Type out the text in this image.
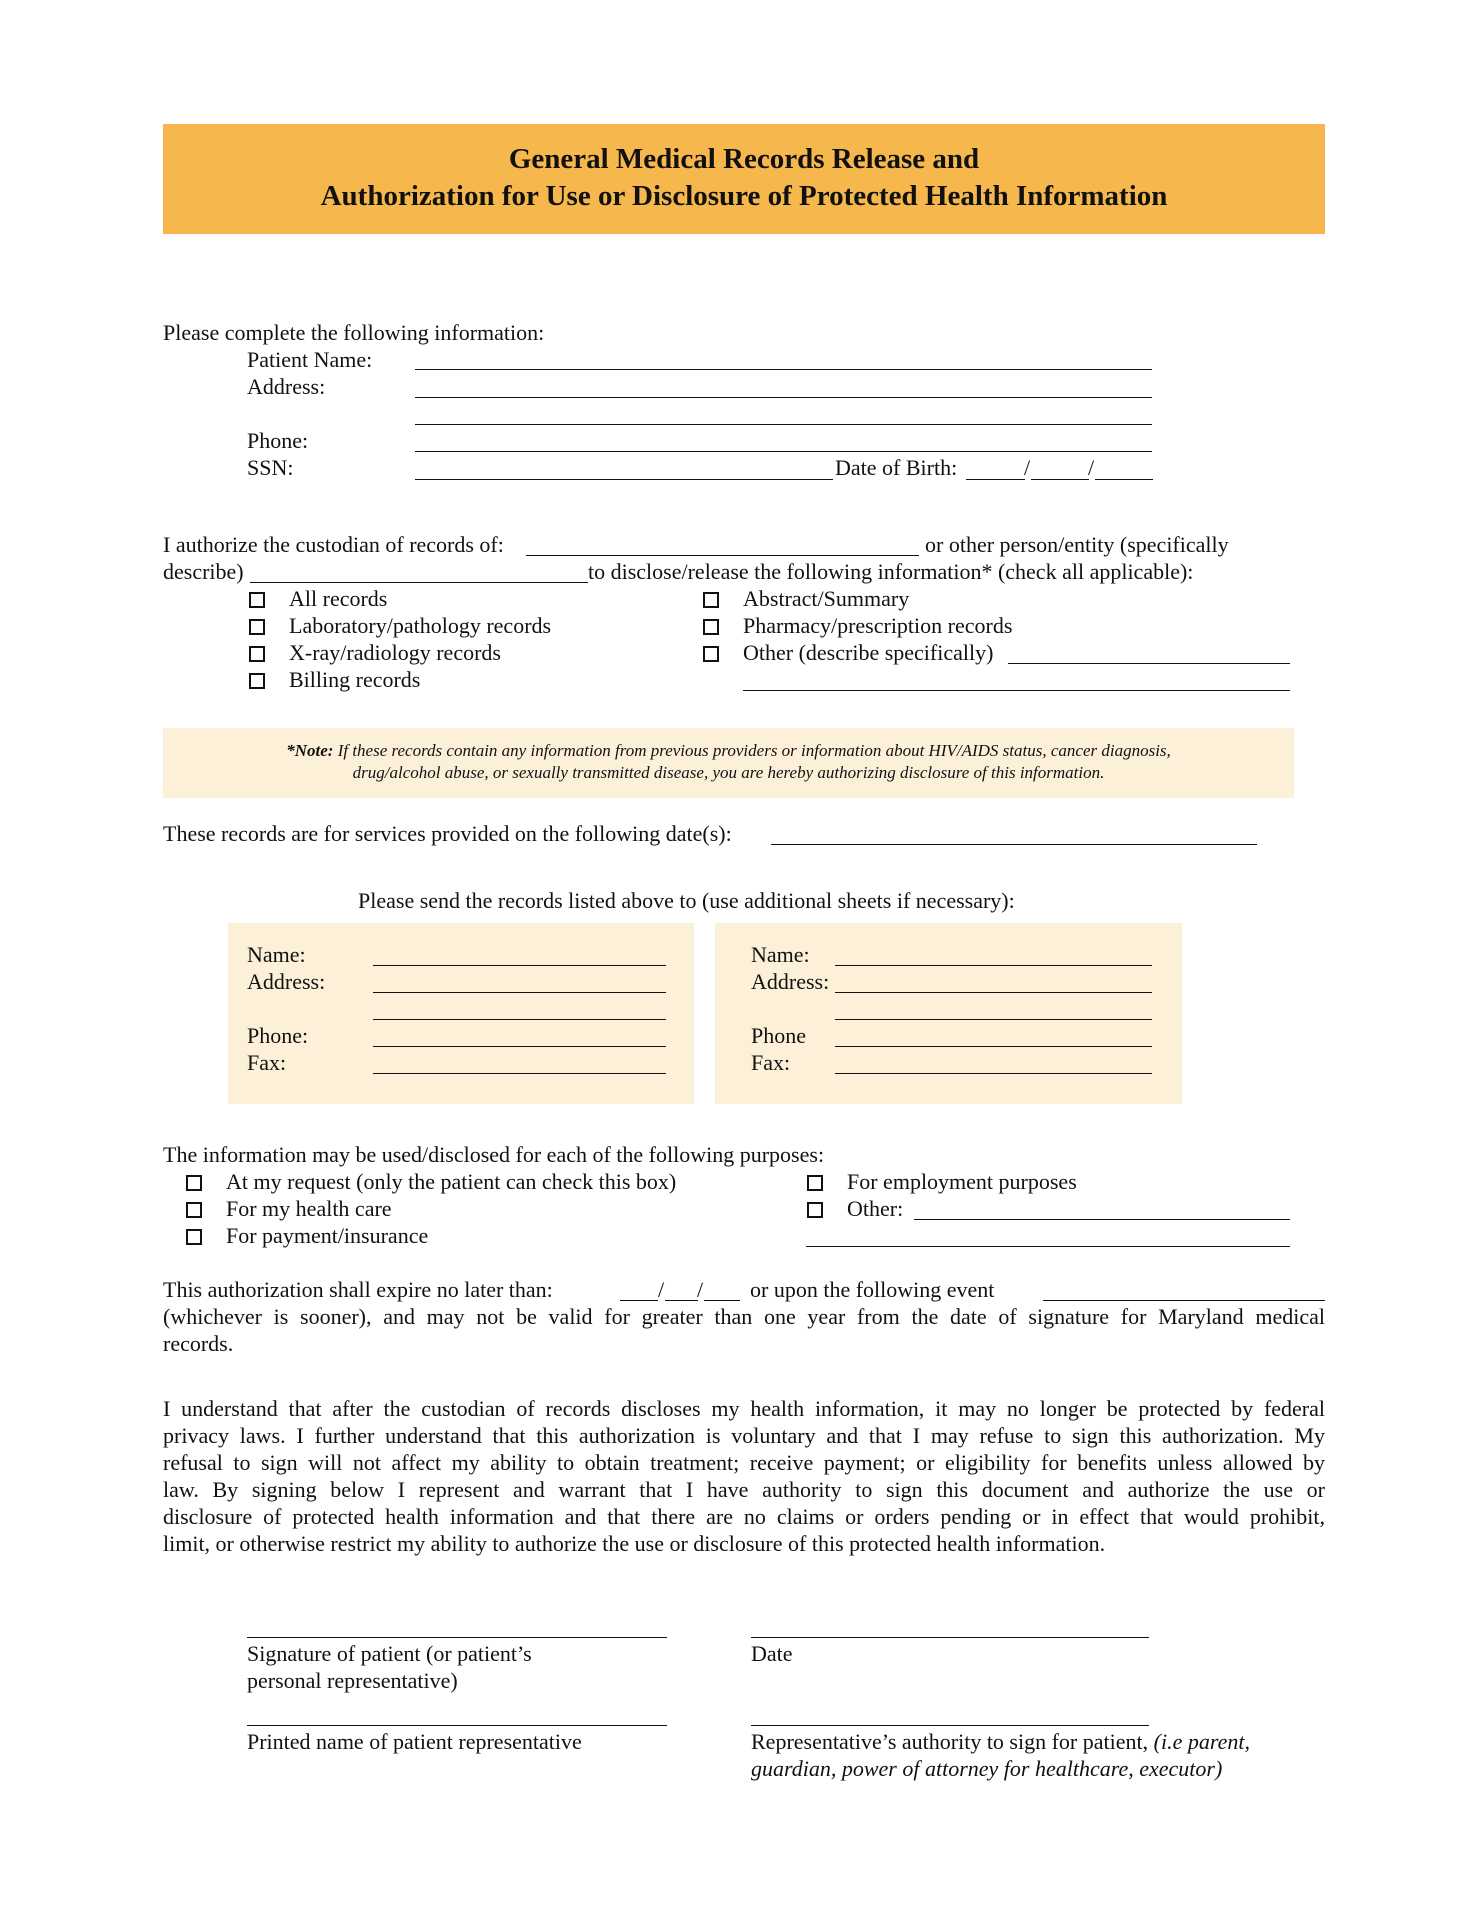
General Medical Records Release and
Authorization for Use or Disclosure of Protected Health Information
Please complete the following information:
Patient Name:
Address:
Phone:
SSN:	Date of Birth:	/	/
I authorize the custodian of records of:	or other person/entity (specifically
describe)	to disclose/release the following information* (check all applicable):
All records
Laboratory/pathology records
X-ray/radiology records
Billing records
Abstract/Summary
Pharmacy/prescription records
Other (describe specifically)
*Note: If these records contain any information from previous providers or information about HIV/AIDS status, cancer diagnosis,
drug/alcohol abuse, or sexually transmitted disease, you are hereby authorizing disclosure of this information.
These records are for services provided on the following date(s):
Please send the records listed above to (use additional sheets if necessary):
Name:
Address:
Phone:
Fax:
Name:
Address:
Phone
Fax:
The information may be used/disclosed for each of the following purposes:
At my request (only the patient can check this box)
For my health care
For payment/insurance
For employment purposes
Other:
This authorization shall expire no later than:	/ / or upon the following event
(whichever is sooner), and may not be valid for greater than one year from the date of signature for Maryland medical
records.
I understand that after the custodian of records discloses my health information, it may no longer be protected by federal
privacy laws. I further understand that this authorization is voluntary and that I may refuse to sign this authorization. My
refusal to sign will not affect my ability to obtain treatment; receive payment; or eligibility for benefits unless allowed by
law. By signing below I represent and warrant that I have authority to sign this document and authorize the use or
disclosure of protected health information and that there are no claims or orders pending or in effect that would prohibit,
limit, or otherwise restrict my ability to authorize the use or disclosure of this protected health information.
Signature of patient (or patient’s
personal representative)
Date
Printed name of patient representative	Representative’s authority to sign for patient, (i.e parent,
guardian, power of attorney for healthcare, executor)
